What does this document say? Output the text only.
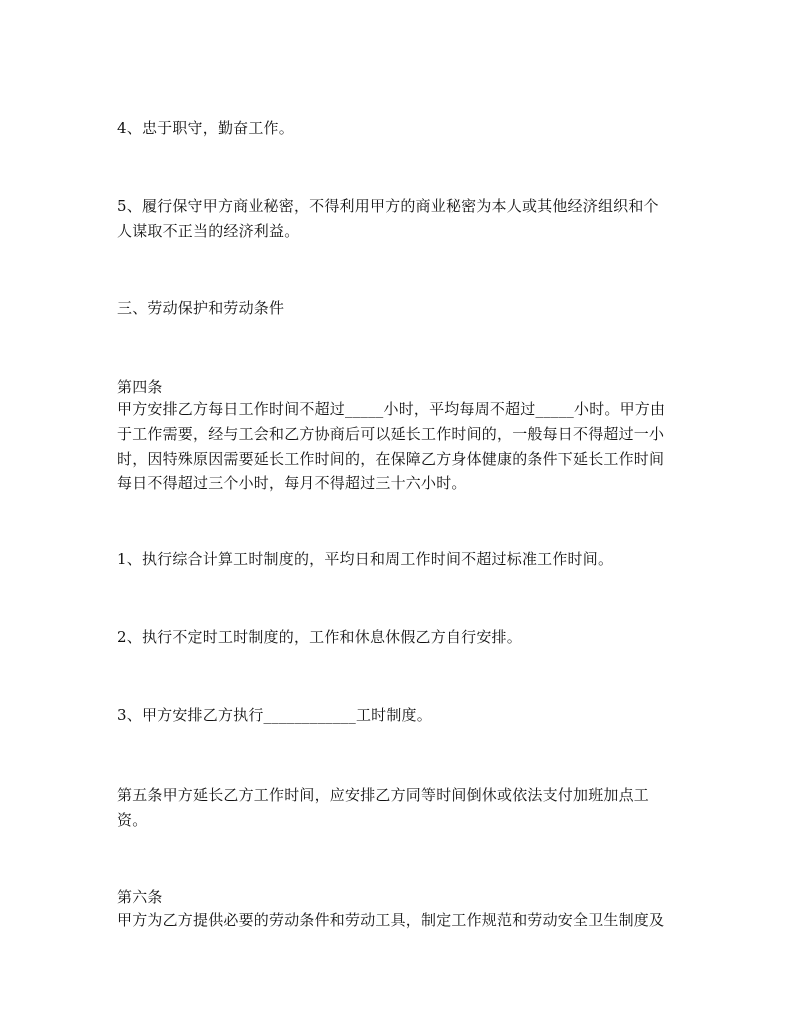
4、忠于职守，勤奋工作。
5、履行保守甲方商业秘密，不得利用甲方的商业秘密为本人或其他经济组织和个
人谋取不正当的经济利益。
三、劳动保护和劳动条件
第四条
甲方安排乙方每日工作时间不超过_____小时，平均每周不超过_____小时。甲方由
于工作需要，经与工会和乙方协商后可以延长工作时间的，一般每日不得超过一小
时，因特殊原因需要延长工作时间的，在保障乙方身体健康的条件下延长工作时间
每日不得超过三个小时，每月不得超过三十六小时。
1、执行综合计算工时制度的，平均日和周工作时间不超过标准工作时间。
2、执行不定时工时制度的，工作和休息休假乙方自行安排。
3、甲方安排乙方执行____________工时制度。
第五条甲方延长乙方工作时间，应安排乙方同等时间倒休或依法支付加班加点工
资。
第六条
甲方为乙方提供必要的劳动条件和劳动工具，制定工作规范和劳动安全卫生制度及
